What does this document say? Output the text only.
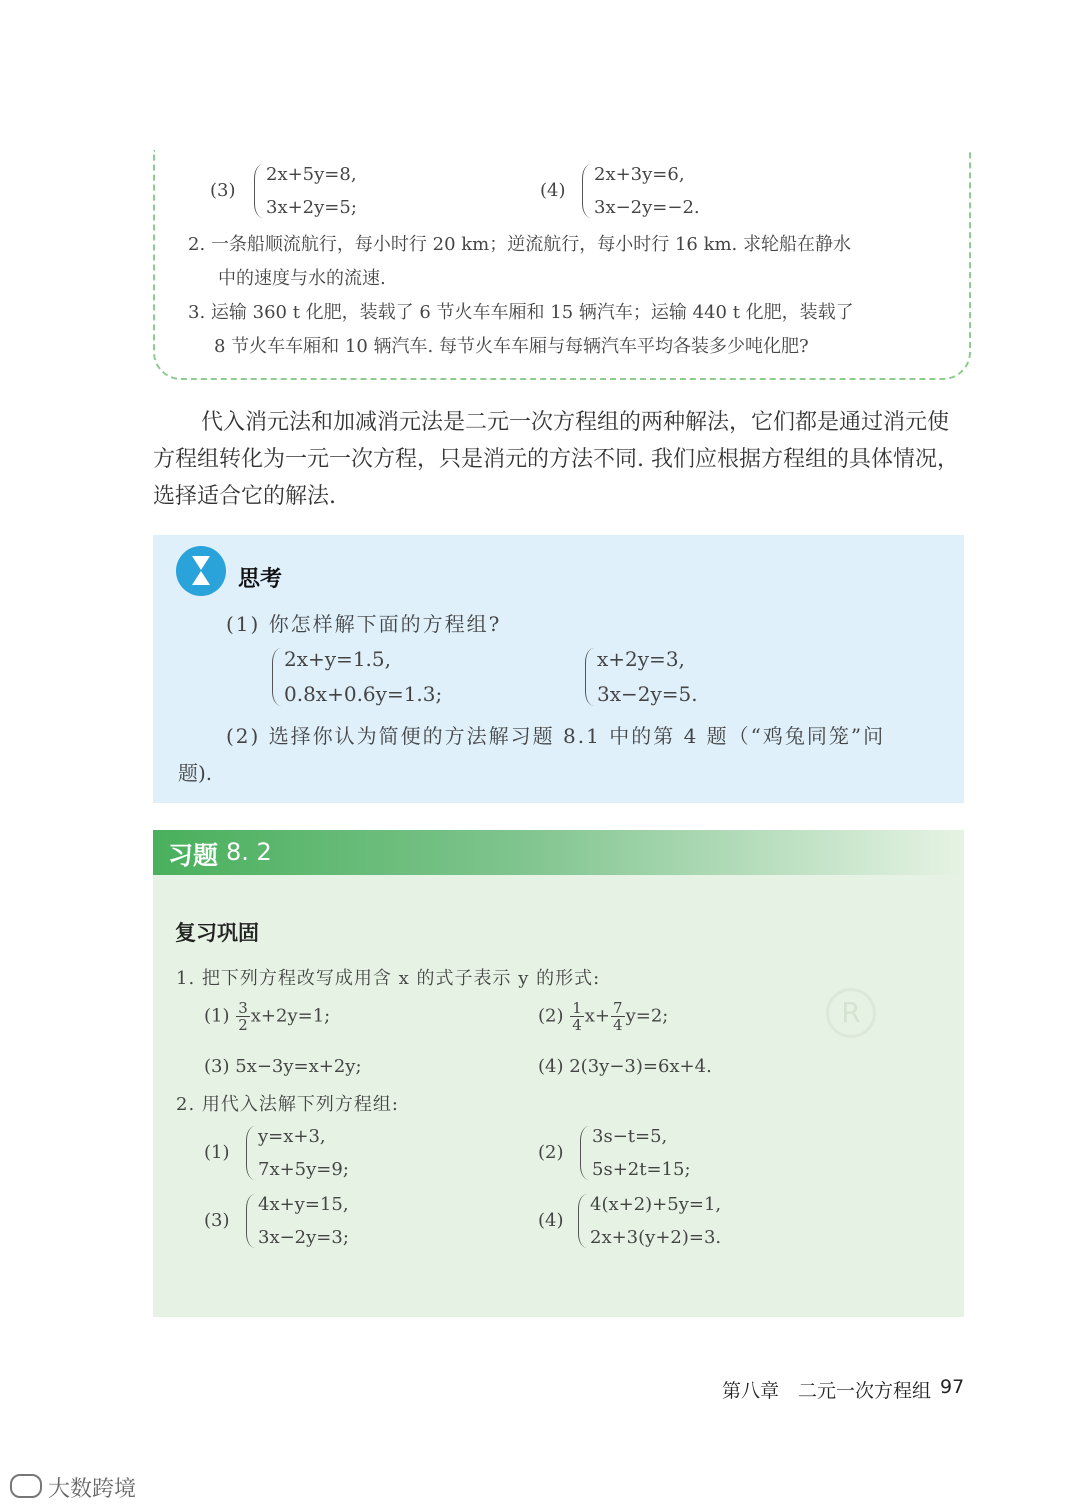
(3)
2x+5y=8,
3x+2y=5;
(4)
2x+3y=6,
3x−2y=−2.
2. 一条船顺流航行，每小时行 20 km；逆流航行，每小时行 16 km. 求轮船在静水
中的速度与水的流速.
3. 运输 360 t 化肥，装载了 6 节火车车厢和 15 辆汽车；运输 440 t 化肥，装载了
8 节火车车厢和 10 辆汽车. 每节火车车厢与每辆汽车平均各装多少吨化肥?
代入消元法和加减消元法是二元一次方程组的两种解法，它们都是通过消元使方程组转化为一元一次方程，只是消元的方法不同. 我们应根据方程组的具体情况，选择适合它的解法.
思考
(1) 你怎样解下面的方程组?
2x+y=1.5,
0.8x+0.6y=1.3;
x+2y=3,
3x−2y=5.
(2) 选择你认为简便的方法解习题 8.1 中的第 4 题（“鸡兔同笼”问
题).
习题 8. 2
R
复习巩固
1. 把下列方程改写成用含 x 的式子表示 y 的形式:
$(1) \frac{3}{2} x+2y=1$;	$(2) \frac{1}{4} x+ \frac{7}{4} y=2$;
(3) 5x−3y=x+2y;	(4) 2(3y−3)=6x+4.
2. 用代入法解下列方程组:
(1)
y=x+3,
7x+5y=9;
(2)
3s−t=5,
5s+2t=15;
(3)
4x+y=15,
3x−2y=3;
(4)
4(x+2)+5y=1,
2x+3(y+2)=3.
第八章　二元一次方程组 97
大数跨境
